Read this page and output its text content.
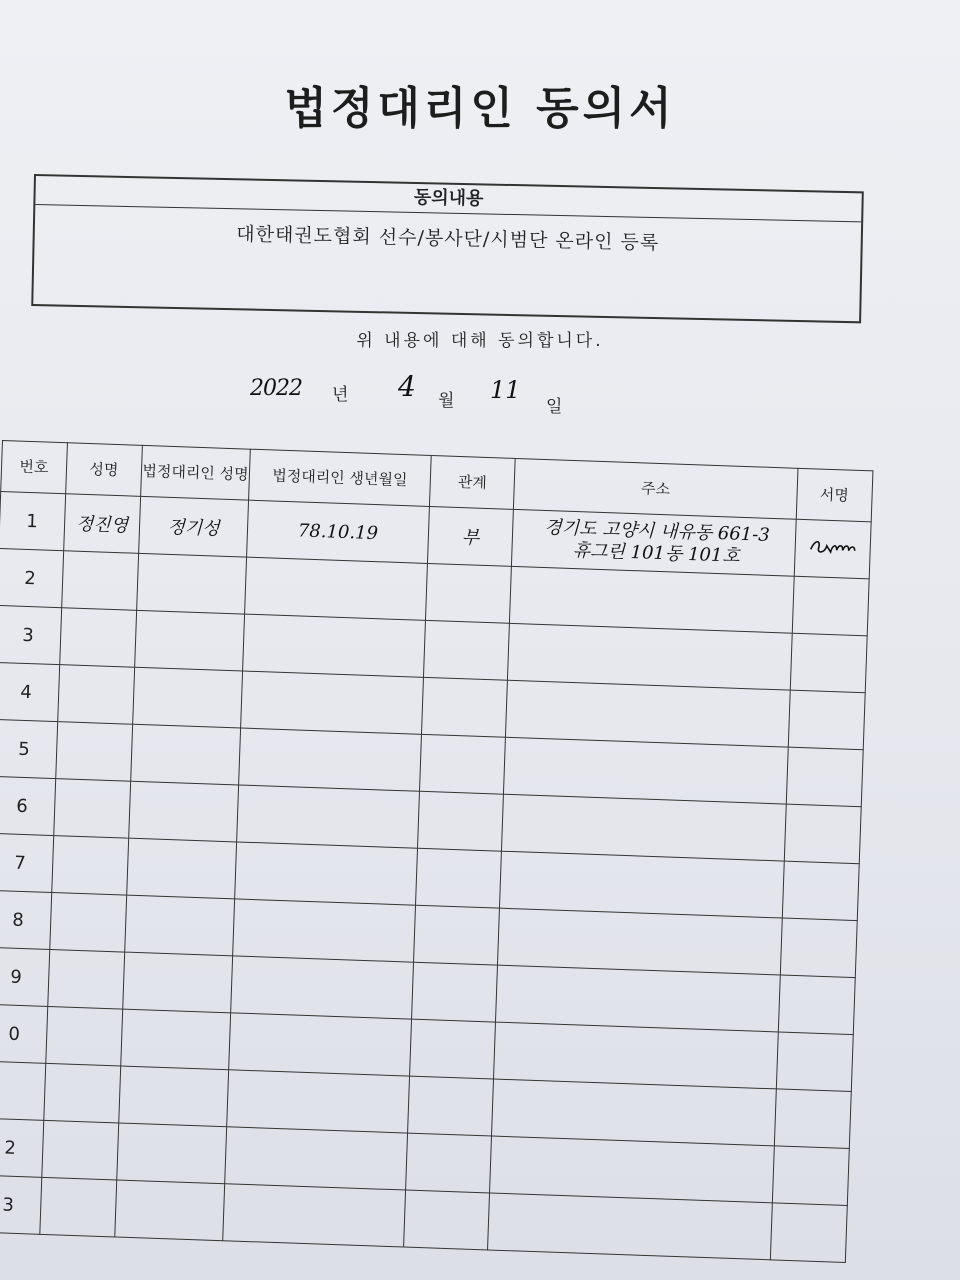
법정대리인 동의서
동의내용
대한태권도협회 선수/봉사단/시범단 온라인 등록
위 내용에 대해 동의합니다.
2022 년 4 월 11
일
번호	성명	법정대리인 성명	법정대리인 생년월일	관계	주소	서명
1	정진영	정기성	78.10.19	부	경기도 고양시 내유동 661-3
휴그린 101동 101호

2						
3						
4						
5						
6						
7						
8						
9						
0						

2						
3						
